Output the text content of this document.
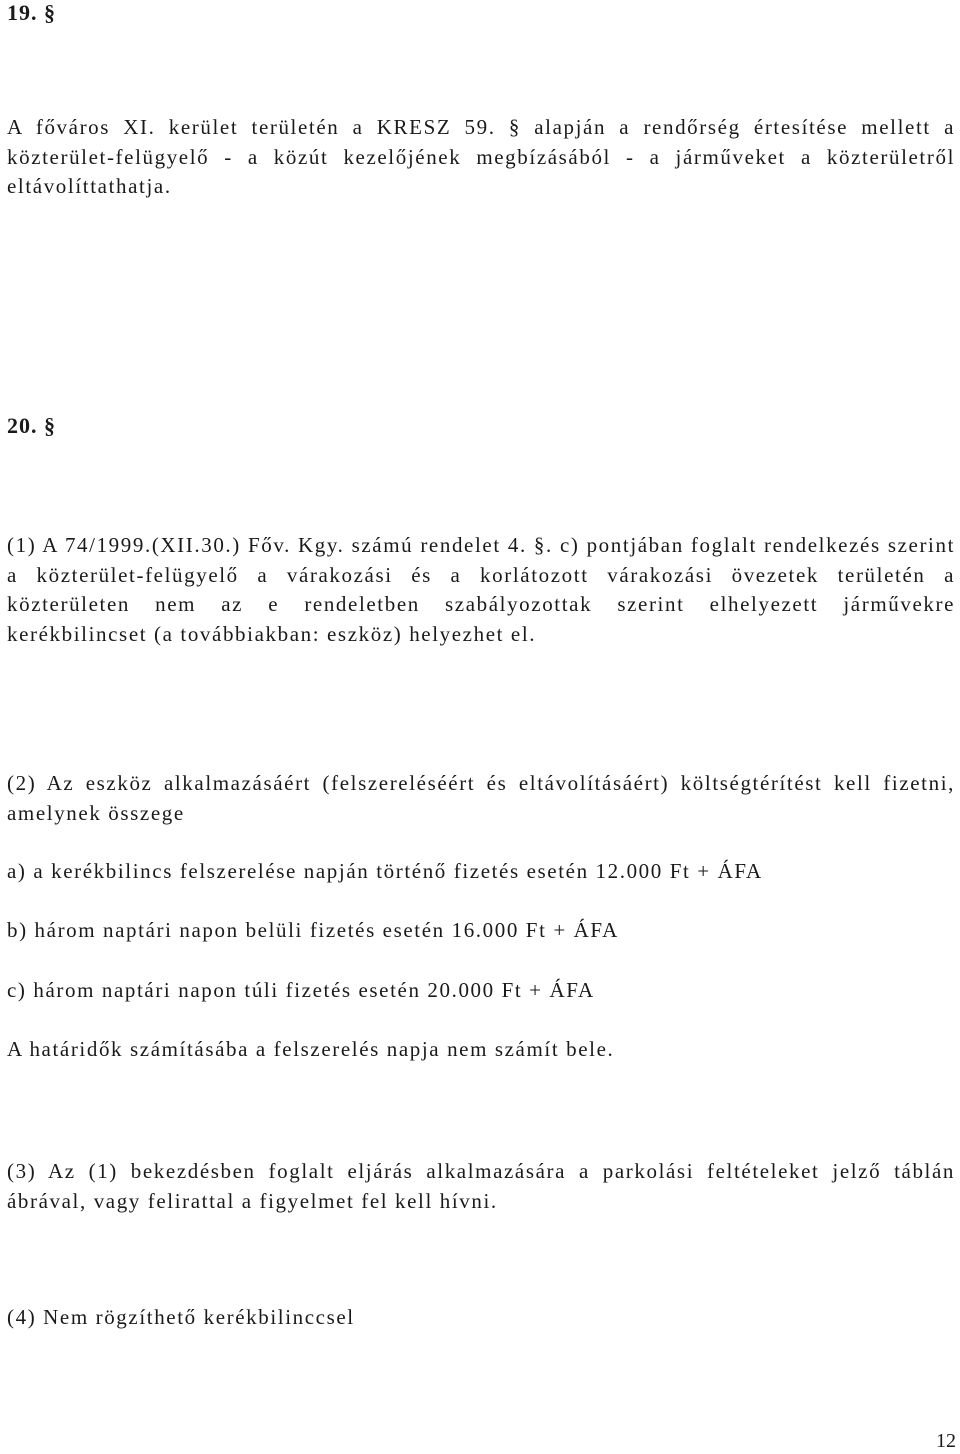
19. §

A főváros XI. kerület területén a KRESZ 59. § alapján a rendőrség értesítése mellett a közterület-felügyelő - a közút kezelőjének megbízásából - a járműveket a közterületről eltávolíttathatja.

20. §

(1) A 74/1999.(XII.30.) Főv. Kgy. számú rendelet 4. §. c) pontjában foglalt rendelkezés szerint a közterület-felügyelő a várakozási és a korlátozott várakozási övezetek területén a közterületen nem az e rendeletben szabályozottak szerint elhelyezett járművekre kerékbilincset (a továbbiakban: eszköz) helyezhet el.

(2) Az eszköz alkalmazásáért (felszereléséért és eltávolításáért) költségtérítést kell fizetni, amelynek összege

a) a kerékbilincs felszerelése napján történő fizetés esetén 12.000 Ft + ÁFA

b) három naptári napon belüli fizetés esetén 16.000 Ft + ÁFA

c) három naptári napon túli fizetés esetén 20.000 Ft + ÁFA

A határidők számításába a felszerelés napja nem számít bele.

(3) Az (1) bekezdésben foglalt eljárás alkalmazására a parkolási feltételeket jelző táblán ábrával, vagy felirattal a figyelmet fel kell hívni.

(4) Nem rögzíthető kerékbilinccsel

12
